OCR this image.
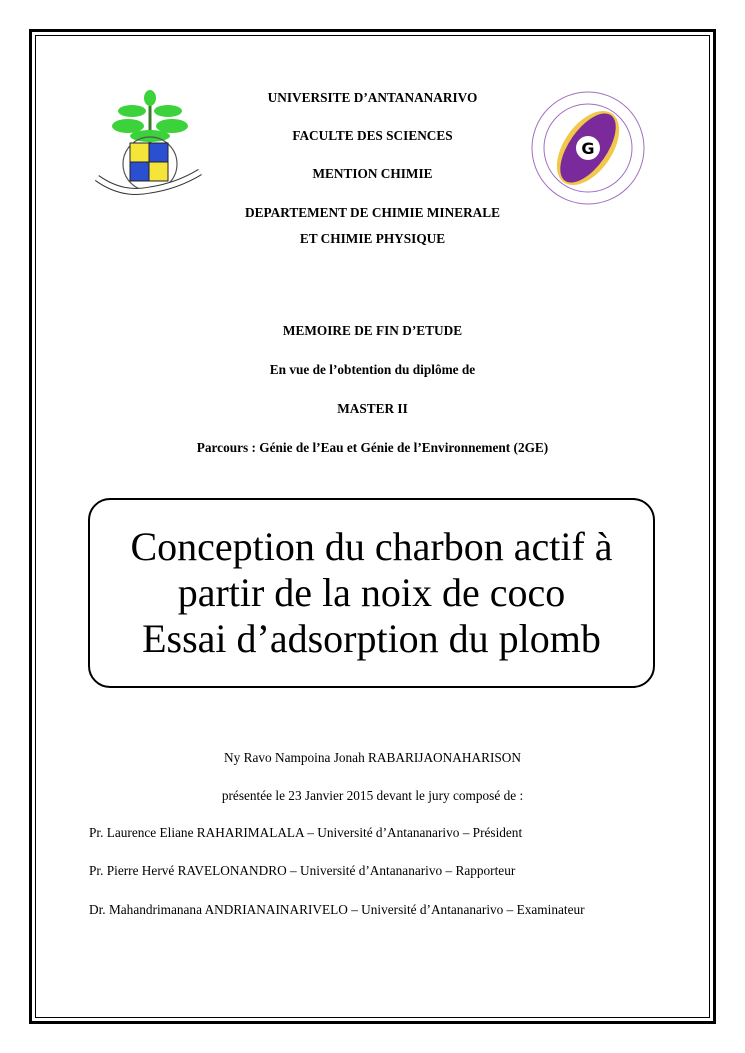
G
UNIVERSITE D’ANTANANARIVO
FACULTE DES SCIENCES
MENTION CHIMIE
DEPARTEMENT DE CHIMIE MINERALE
ET CHIMIE PHYSIQUE
MEMOIRE DE FIN D’ETUDE
En vue de l’obtention du diplôme de
MASTER II
Parcours : Génie de l’Eau et Génie de l’Environnement (2GE)
Conception du charbon actif à
partir de la noix de coco
Essai d’adsorption du plomb
Ny Ravo Nampoina Jonah RABARIJAONAHARISON
présentée le 23 Janvier 2015 devant le jury composé de :
Pr. Laurence Eliane RAHARIMALALA – Université d’Antananarivo – Président
Pr. Pierre Hervé RAVELONANDRO – Université d’Antananarivo – Rapporteur
Dr. Mahandrimanana ANDRIANAINARIVELO – Université d’Antananarivo – Examinateur
